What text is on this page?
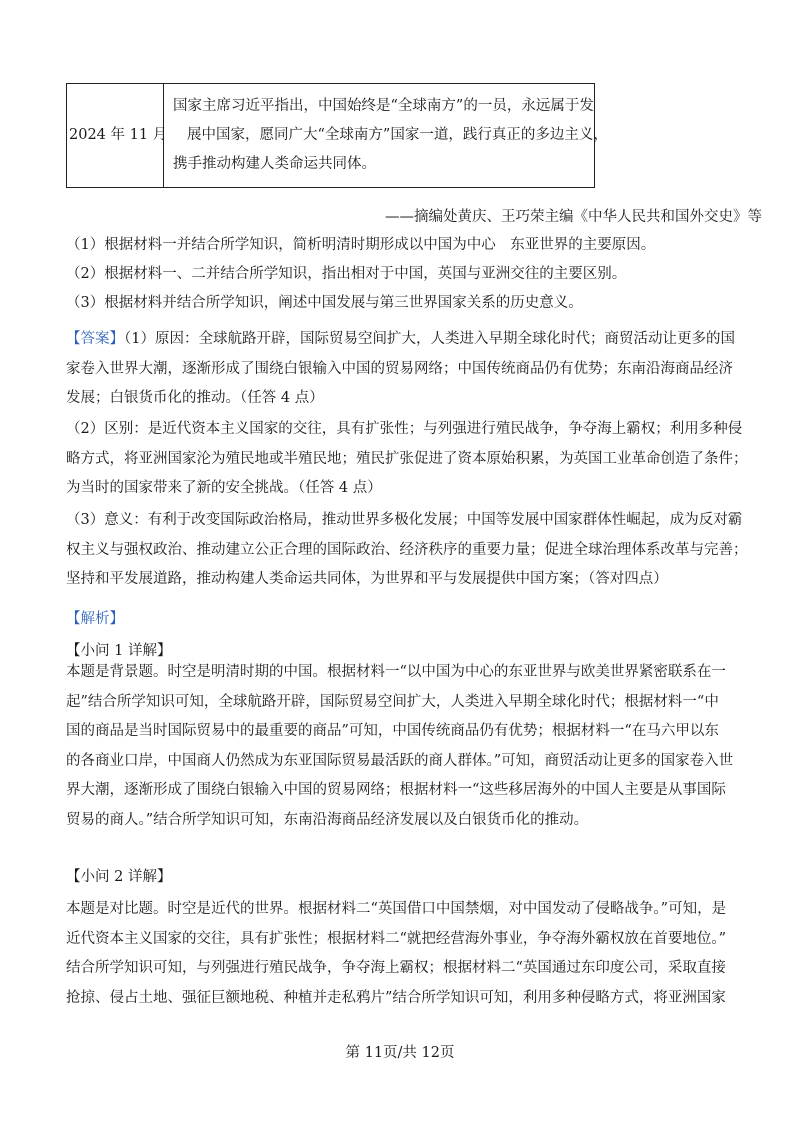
2024 年 11 月	
国家主席习近平指出，中国始终是“全球南方”的一员，永远属于发
展中国家，愿同广大“全球南方”国家一道，践行真正的多边主义，
携手推动构建人类命运共同体。
——摘编处黄庆、王巧荣主编《中华人民共和国外交史》等
（1）根据材料一并结合所学知识，简析明清时期形成以中国为中心　东亚世界的主要原因。
（2）根据材料一、二并结合所学知识，指出相对于中国，英国与亚洲交往的主要区别。
（3）根据材料并结合所学知识，阐述中国发展与第三世界国家关系的历史意义。
【答案】（1）原因：全球航路开辟，国际贸易空间扩大，人类进入早期全球化时代；商贸活动让更多的国
家卷入世界大潮，逐渐形成了围绕白银输入中国的贸易网络；中国传统商品仍有优势；东南沿海商品经济
发展；白银货币化的推动。（任答 4 点）
（2）区别：是近代资本主义国家的交往，具有扩张性；与列强进行殖民战争，争夺海上霸权；利用多种侵
略方式，将亚洲国家沦为殖民地或半殖民地；殖民扩张促进了资本原始积累，为英国工业革命创造了条件；
为当时的国家带来了新的安全挑战。（任答 4 点）
（3）意义：有利于改变国际政治格局，推动世界多极化发展；中国等发展中国家群体性崛起，成为反对霸
权主义与强权政治、推动建立公正合理的国际政治、经济秩序的重要力量；促进全球治理体系改革与完善；
坚持和平发展道路，推动构建人类命运共同体，为世界和平与发展提供中国方案；（答对四点）
【解析】
【小问 1 详解】
本题是背景题。时空是明清时期的中国。根据材料一“以中国为中心的东亚世界与欧美世界紧密联系在一
起”结合所学知识可知，全球航路开辟，国际贸易空间扩大，人类进入早期全球化时代；根据材料一“中
国的商品是当时国际贸易中的最重要的商品”可知，中国传统商品仍有优势；根据材料一“在马六甲以东
的各商业口岸，中国商人仍然成为东亚国际贸易最活跃的商人群体。”可知，商贸活动让更多的国家卷入世
界大潮，逐渐形成了围绕白银输入中国的贸易网络；根据材料一“这些移居海外的中国人主要是从事国际
贸易的商人。”结合所学知识可知，东南沿海商品经济发展以及白银货币化的推动。
【小问 2 详解】
本题是对比题。时空是近代的世界。根据材料二“英国借口中国禁烟，对中国发动了侵略战争。”可知，是
近代资本主义国家的交往，具有扩张性；根据材料二“就把经营海外事业，争夺海外霸权放在首要地位。”
结合所学知识可知，与列强进行殖民战争，争夺海上霸权；根据材料二“英国通过东印度公司，采取直接
抢掠、侵占土地、强征巨额地税、种植并走私鸦片”结合所学知识可知，利用多种侵略方式，将亚洲国家
第 11页/共 12页
